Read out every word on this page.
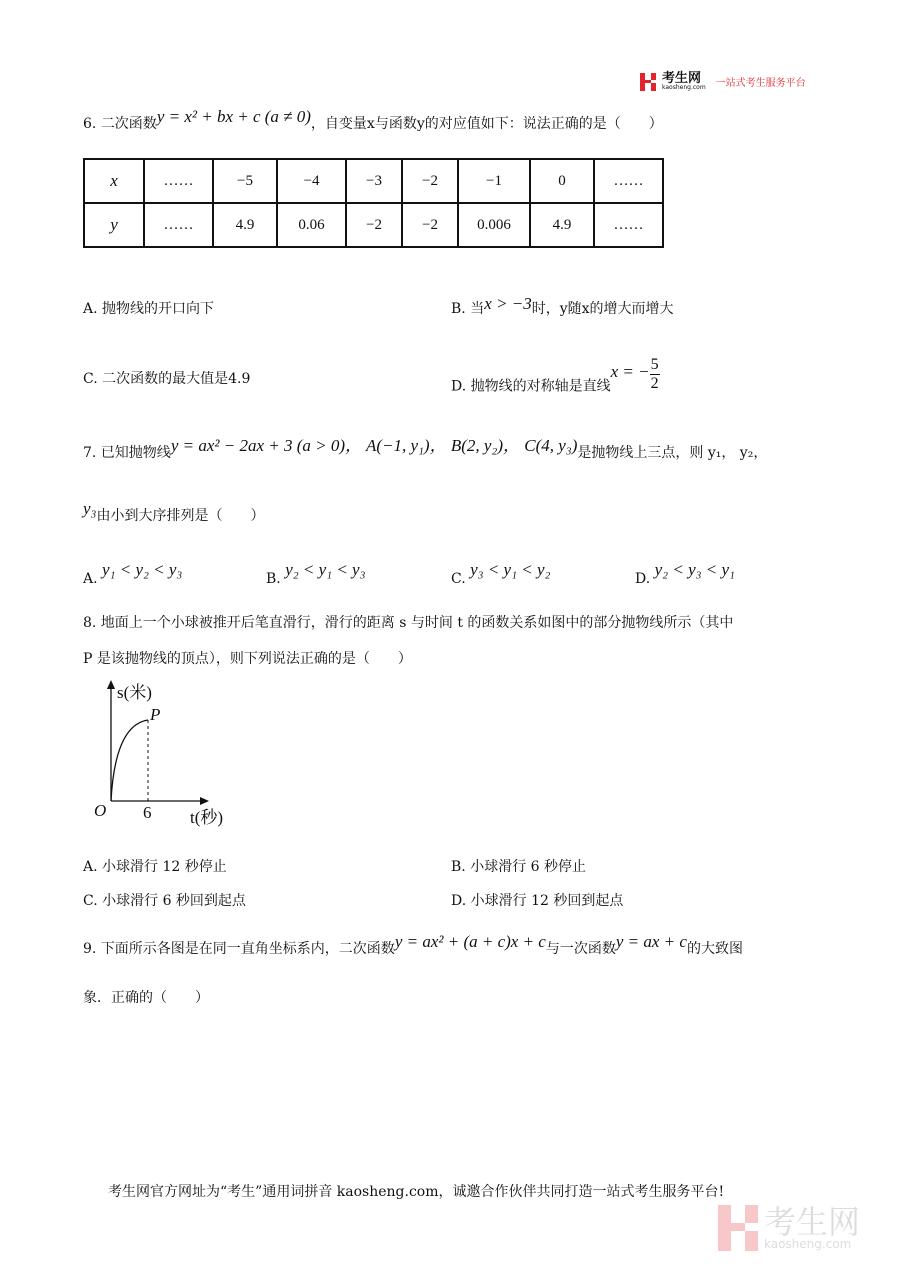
考生网
kaosheng.com 一站式考生服务平台
6. 二次函数y = x² + bx + c (a ≠ 0)，自变量x与函数y的对应值如下：说法正确的是（　　）
x	……	−5	−4	−3	−2	−1	0	……
y	……	4.9	0.06	−2	−2	0.006	4.9	……
A. 抛物线的开口向下	B. 当x > −3时，y随x的增大而增大
C. 二次函数的最大值是4.9	D. 抛物线的对称轴是直线x = − $\frac{5}{2}$
7. 已知抛物线y = ax² − 2ax + 3 (a > 0)， A(−1, y₁)， B(2, y₂)， C(4, y₃)是抛物线上三点，则 y₁， y₂，
y₃由小到大序排列是（　　）
A. y₁ < y₂ < y₃	B. y₂ < y₁ < y₃	C. y₃ < y₁ < y₂	D. y₂ < y₃ < y₁
8. 地面上一个小球被推开后笔直滑行，滑行的距离 s 与时间 t 的函数关系如图中的部分抛物线所示（其中
P 是该抛物线的顶点），则下列说法正确的是（　　）
s(米)
P
O 6 t(秒)
A. 小球滑行 12 秒停止	B. 小球滑行 6 秒停止
C. 小球滑行 6 秒回到起点	D. 小球滑行 12 秒回到起点
9. 下面所示各图是在同一直角坐标系内，二次函数y = ax² + (a + c)x + c与一次函数y = ax + c的大致图
象．正确的（　　）
考生网官方网址为“考生”通用词拼音 kaosheng.com，诚邀合作伙伴共同打造一站式考生服务平台!
考生网
kaosheng.com
